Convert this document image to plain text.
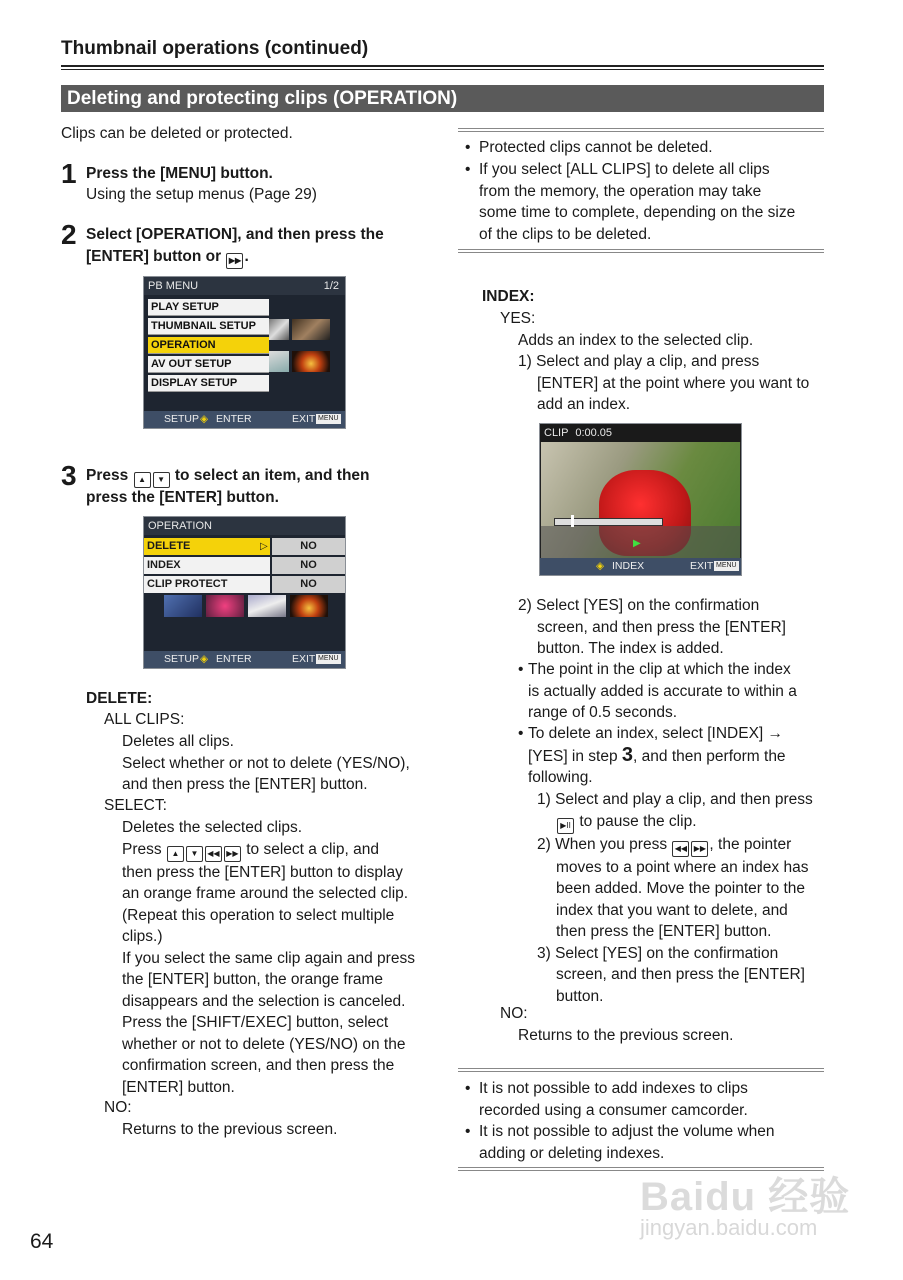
Thumbnail operations (continued)
Deleting and protecting clips (OPERATION)
Clips can be deleted or protected.
1 Press the [MENU] button.
Using the setup menus (Page 29)
2 Select [OPERATION], and then press the
[ENTER] button or ▶▶ .
PB MENU	1/2
PLAY SETUP
THUMBNAIL SETUP
OPERATION
AV OUT SETUP
DISPLAY SETUP
SETUP ◈ ENTER	EXIT MENU
3 Press ▲ ▼ to select an item, and then
press the [ENTER] button.
OPERATION
DELETE	▷	NO
INDEX	NO
CLIP PROTECT	NO
SETUP ◈ ENTER	EXIT MENU
DELETE:
ALL CLIPS:
Deletes all clips.
Select whether or not to delete (YES/NO),
and then press the [ENTER] button.
SELECT:
Deletes the selected clips.
Press ▲ ▼ ◀◀ ▶▶ to select a clip, and
then press the [ENTER] button to display
an orange frame around the selected clip.
(Repeat this operation to select multiple
clips.)
If you select the same clip again and press
the [ENTER] button, the orange frame
disappears and the selection is canceled.
Press the [SHIFT/EXEC] button, select
whether or not to delete (YES/NO) on the
confirmation screen, and then press the
[ENTER] button.
NO:
Returns to the previous screen.
• Protected clips cannot be deleted.
• If you select [ALL CLIPS] to delete all clips
from the memory, the operation may take
some time to complete, depending on the size
of the clips to be deleted.
INDEX:
YES:
Adds an index to the selected clip.
1) Select and play a clip, and press
[ENTER] at the point where you want to
add an index.
CLIP 0:00.05
▶
◈ INDEX	EXIT MENU
2) Select [YES] on the confirmation
screen, and then press the [ENTER]
button. The index is added.
• The point in the clip at which the index
is actually added is accurate to within a
range of 0.5 seconds.
• To delete an index, select [INDEX] →
[YES] in step 3, and then perform the
following.
1) Select and play a clip, and then press
▶II to pause the clip.
2) When you press ◀◀ ▶▶ , the pointer
moves to a point where an index has
been added. Move the pointer to the
index that you want to delete, and
then press the [ENTER] button.
3) Select [YES] on the confirmation
screen, and then press the [ENTER]
button.
NO:
Returns to the previous screen.
• It is not possible to add indexes to clips
recorded using a consumer camcorder.
• It is not possible to adjust the volume when
adding or deleting indexes.
Baidu 经验
jingyan.baidu.com
64
